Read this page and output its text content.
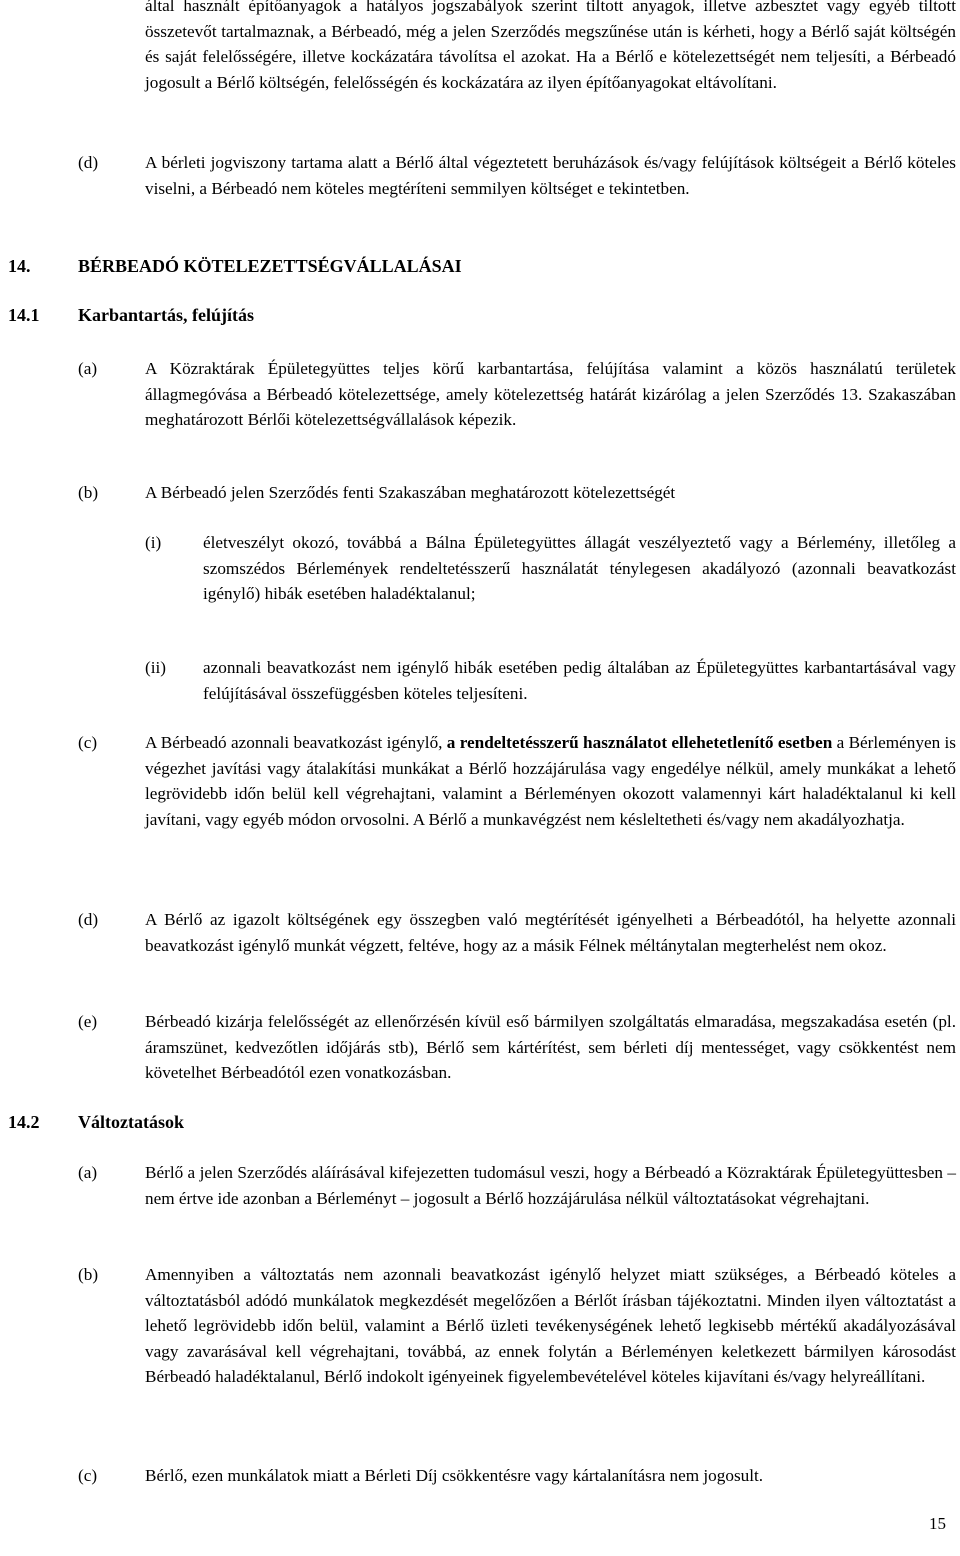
által használt építőanyagok a hatályos jogszabályok szerint tiltott anyagok, illetve azbesztet vagy egyéb tiltott összetevőt tartalmaznak, a Bérbeadó, még a jelen Szerződés megszűnése után is kérheti, hogy a Bérlő saját költségén és saját felelősségére, illetve kockázatára távolítsa el azokat. Ha a Bérlő e kötelezettségét nem teljesíti, a Bérbeadó jogosult a Bérlő költségén, felelősségén és kockázatára az ilyen építőanyagokat eltávolítani.

(d)	A bérleti jogviszony tartama alatt a Bérlő által végeztetett beruházások és/vagy felújítások költségeit a Bérlő köteles viselni, a Bérbeadó nem köteles megtéríteni semmilyen költséget e tekintetben.

14.	BÉRBEADÓ KÖTELEZETTSÉGVÁLLALÁSAI
14.1 Karbantartás, felújítás
(a)	A Közraktárak Épületegyüttes teljes körű karbantartása, felújítása valamint a közös használatú területek állagmegóvása a Bérbeadó kötelezettsége, amely kötelezettség határát kizárólag a jelen Szerződés 13. Szakaszában meghatározott Bérlői kötelezettségvállalások képezik.

(b)	A Bérbeadó jelen Szerződés fenti Szakaszában meghatározott kötelezettségét

(i) életveszélyt okozó, továbbá a Bálna Épületegyüttes állagát veszélyeztető vagy a Bérlemény, illetőleg a szomszédos Bérlemények rendeltetésszerű használatát ténylegesen akadályozó (azonnali beavatkozást igénylő) hibák esetében haladéktalanul;

(ii) azonnali beavatkozást nem igénylő hibák esetében pedig általában az Épületegyüttes karbantartásával vagy felújításával összefüggésben köteles teljesíteni.

(c)	A Bérbeadó azonnali beavatkozást igénylő, a rendeltetésszerű használatot ellehetetlenítő esetben a Bérleményen is végezhet javítási vagy átalakítási munkákat a Bérlő hozzájárulása vagy engedélye nélkül, amely munkákat a lehető legrövidebb időn belül kell végrehajtani, valamint a Bérleményen okozott valamennyi kárt haladéktalanul ki kell javítani, vagy egyéb módon orvosolni. A Bérlő a munkavégzést nem késleltetheti és/vagy nem akadályozhatja.

(d)	A Bérlő az igazolt költségének egy összegben való megtérítését igényelheti a Bérbeadótól, ha helyette azonnali beavatkozást igénylő munkát végzett, feltéve, hogy az a másik Félnek méltánytalan megterhelést nem okoz.

(e)	Bérbeadó kizárja felelősségét az ellenőrzésén kívül eső bármilyen szolgáltatás elmaradása, megszakadása esetén (pl. áramszünet, kedvezőtlen időjárás stb), Bérlő sem kártérítést, sem bérleti díj mentességet, vagy csökkentést nem követelhet Bérbeadótól ezen vonatkozásban.

14.2 Változtatások
(a)	Bérlő a jelen Szerződés aláírásával kifejezetten tudomásul veszi, hogy a Bérbeadó a Közraktárak Épületegyüttesben – nem értve ide azonban a Bérleményt – jogosult a Bérlő hozzájárulása nélkül változtatásokat végrehajtani.

(b)	Amennyiben a változtatás nem azonnali beavatkozást igénylő helyzet miatt szükséges, a Bérbeadó köteles a változtatásból adódó munkálatok megkezdését megelőzően a Bérlőt írásban tájékoztatni. Minden ilyen változtatást a lehető legrövidebb időn belül, valamint a Bérlő üzleti tevékenységének lehető legkisebb mértékű akadályozásával vagy zavarásával kell végrehajtani, továbbá, az ennek folytán a Bérleményen keletkezett bármilyen károsodást Bérbeadó haladéktalanul, Bérlő indokolt igényeinek figyelembevételével köteles kijavítani és/vagy helyreállítani.

(c)	Bérlő, ezen munkálatok miatt a Bérleti Díj csökkentésre vagy kártalanításra nem jogosult.

15
